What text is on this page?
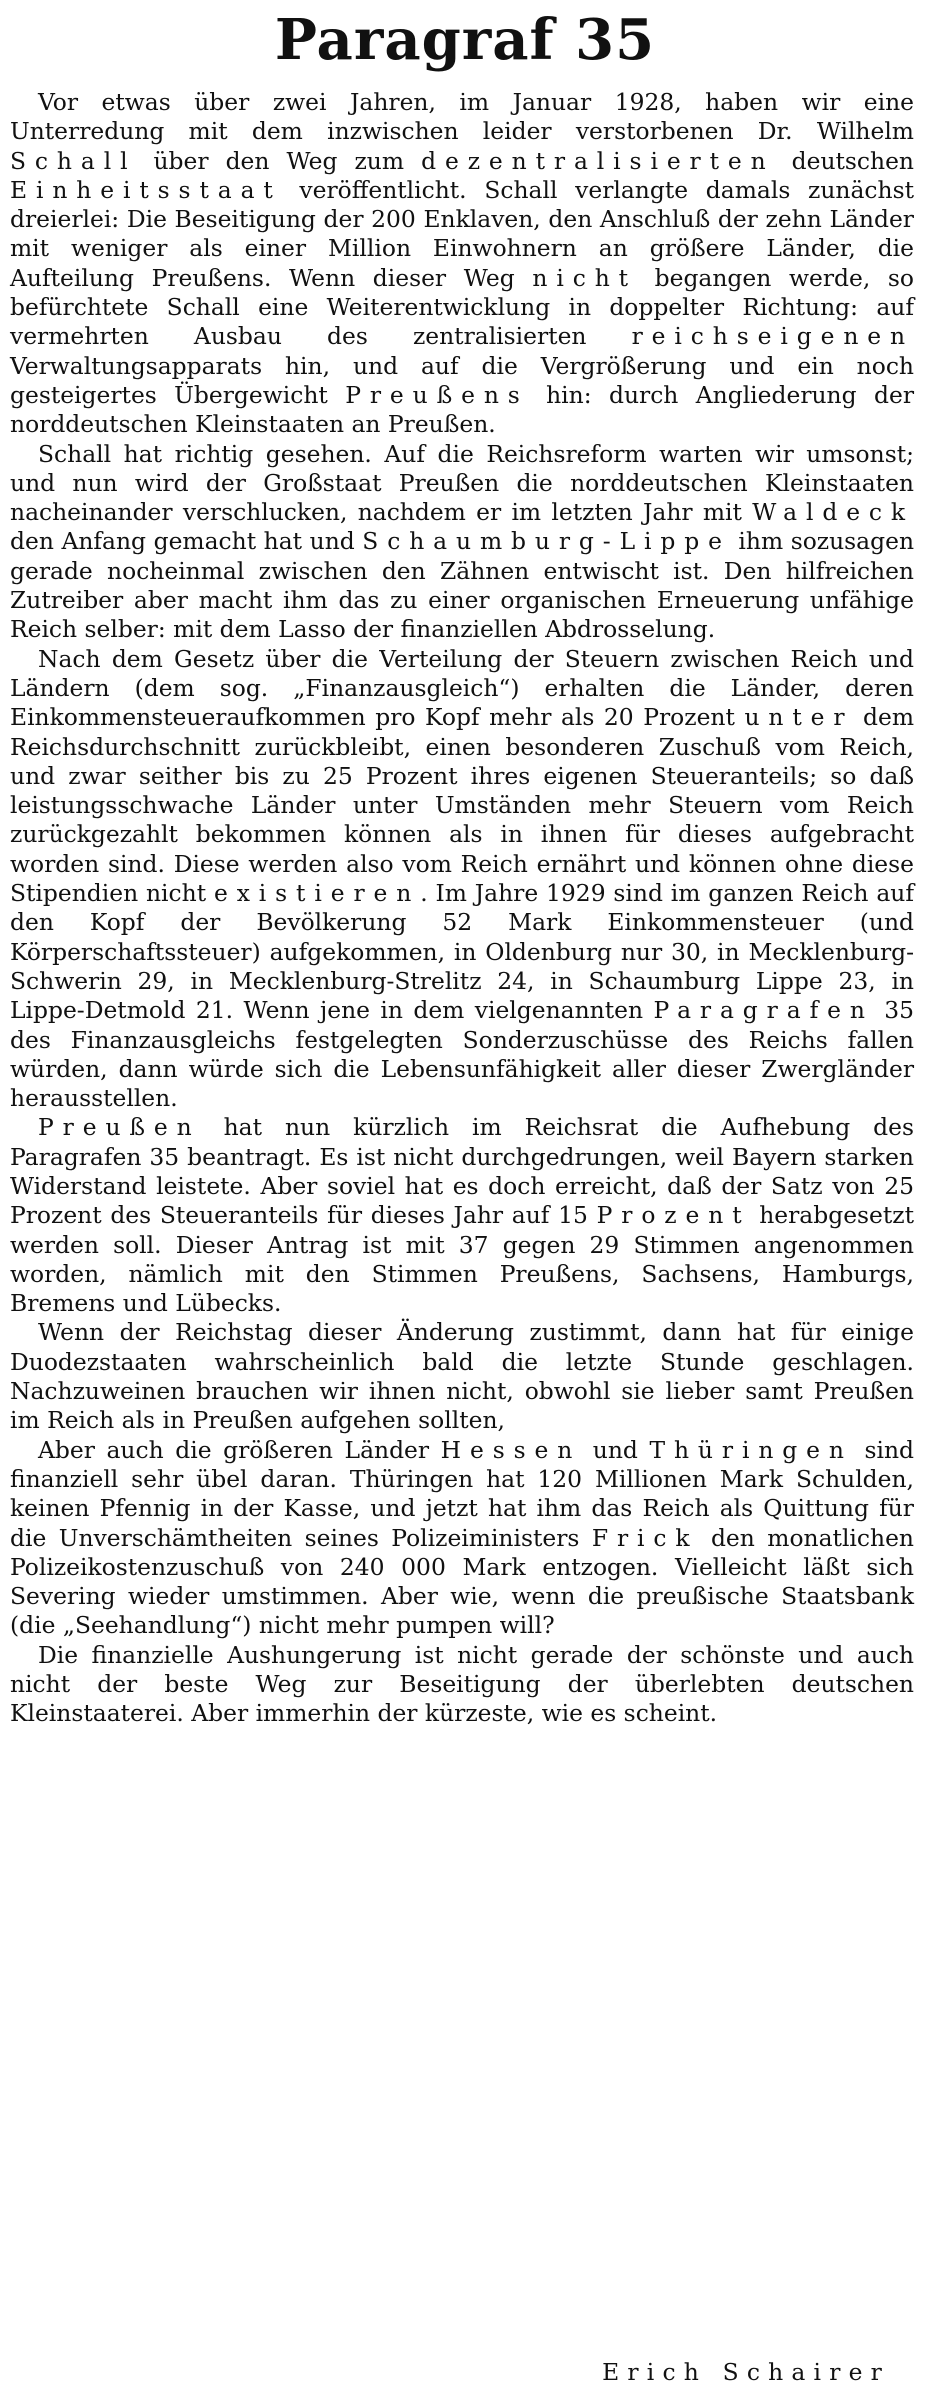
Paragraf 35

Vor etwas über zwei Jahren, im Januar 1928, haben wir eine Unterredung mit dem inzwischen leider verstorbenen Dr. Wilhelm Schall über den Weg zum dezentralisierten deutschen Einheitsstaat veröffentlicht. Schall verlangte damals zunächst dreierlei: Die Beseitigung der 200 Enklaven, den Anschluß der zehn Länder mit weniger als einer Million Einwohnern an größere Länder, die Aufteilung Preußens. Wenn dieser Weg nicht begangen werde, so befürchtete Schall eine Weiterentwicklung in doppelter Richtung: auf vermehrten Ausbau des zentralisierten reichseigenen Verwaltungsapparats hin, und auf die Vergrößerung und ein noch gesteigertes Übergewicht Preußens hin: durch Angliederung der norddeutschen Kleinstaaten an Preußen.

Schall hat richtig gesehen. Auf die Reichsreform warten wir umsonst; und nun wird der Großstaat Preußen die norddeutschen Kleinstaaten nacheinander verschlucken, nachdem er im letzten Jahr mit Waldeck den Anfang gemacht hat und Schaumburg-Lippe ihm sozusagen gerade nocheinmal zwischen den Zähnen entwischt ist. Den hilfreichen Zutreiber aber macht ihm das zu einer organischen Erneuerung unfähige Reich selber: mit dem Lasso der finanziellen Abdrosselung.

Nach dem Gesetz über die Verteilung der Steuern zwischen Reich und Ländern (dem sog. „Finanzausgleich“) erhalten die Länder, deren Einkommensteueraufkommen pro Kopf mehr als 20 Prozent unter dem Reichsdurchschnitt zurückbleibt, einen besonderen Zuschuß vom Reich, und zwar seither bis zu 25 Prozent ihres eigenen Steueranteils; so daß leistungsschwache Länder unter Umständen mehr Steuern vom Reich zurückgezahlt bekommen können als in ihnen für dieses aufgebracht worden sind. Diese werden also vom Reich ernährt und können ohne diese Stipendien nicht existieren. Im Jahre 1929 sind im ganzen Reich auf den Kopf der Bevölkerung 52 Mark Einkommensteuer (und Körperschaftssteuer) aufgekommen, in Oldenburg nur 30, in Mecklenburg-Schwerin 29, in Mecklenburg-Strelitz 24, in Schaumburg Lippe 23, in Lippe-Detmold 21. Wenn jene in dem vielgenannten Paragrafen 35 des Finanzausgleichs festgelegten Sonderzuschüsse des Reichs fallen würden, dann würde sich die Lebensunfähigkeit aller dieser Zwergländer herausstellen.

Preußen hat nun kürzlich im Reichsrat die Aufhebung des Paragrafen 35 beantragt. Es ist nicht durchgedrungen, weil Bayern starken Widerstand leistete. Aber soviel hat es doch erreicht, daß der Satz von 25 Prozent des Steueranteils für dieses Jahr auf 15 Prozent herabgesetzt werden soll. Dieser Antrag ist mit 37 gegen 29 Stimmen angenommen worden, nämlich mit den Stimmen Preußens, Sachsens, Hamburgs, Bremens und Lübecks.

Wenn der Reichstag dieser Änderung zustimmt, dann hat für einige Duodezstaaten wahrscheinlich bald die letzte Stunde geschlagen. Nachzuweinen brauchen wir ihnen nicht, obwohl sie lieber samt Preußen im Reich als in Preußen aufgehen sollten,

Aber auch die größeren Länder Hessen und Thüringen sind finanziell sehr übel daran. Thüringen hat 120 Millionen Mark Schulden, keinen Pfennig in der Kasse, und jetzt hat ihm das Reich als Quittung für die Unverschämtheiten seines Polizeiministers Frick den monatlichen Polizeikostenzuschuß von 240 000 Mark entzogen. Vielleicht läßt sich Severing wieder umstimmen. Aber wie, wenn die preußische Staatsbank (die „Seehandlung“) nicht mehr pumpen will?

Die finanzielle Aushungerung ist nicht gerade der schönste und auch nicht der beste Weg zur Beseitigung der überlebten deutschen Kleinstaaterei. Aber immerhin der kürzeste, wie es scheint.

Erich Schairer
